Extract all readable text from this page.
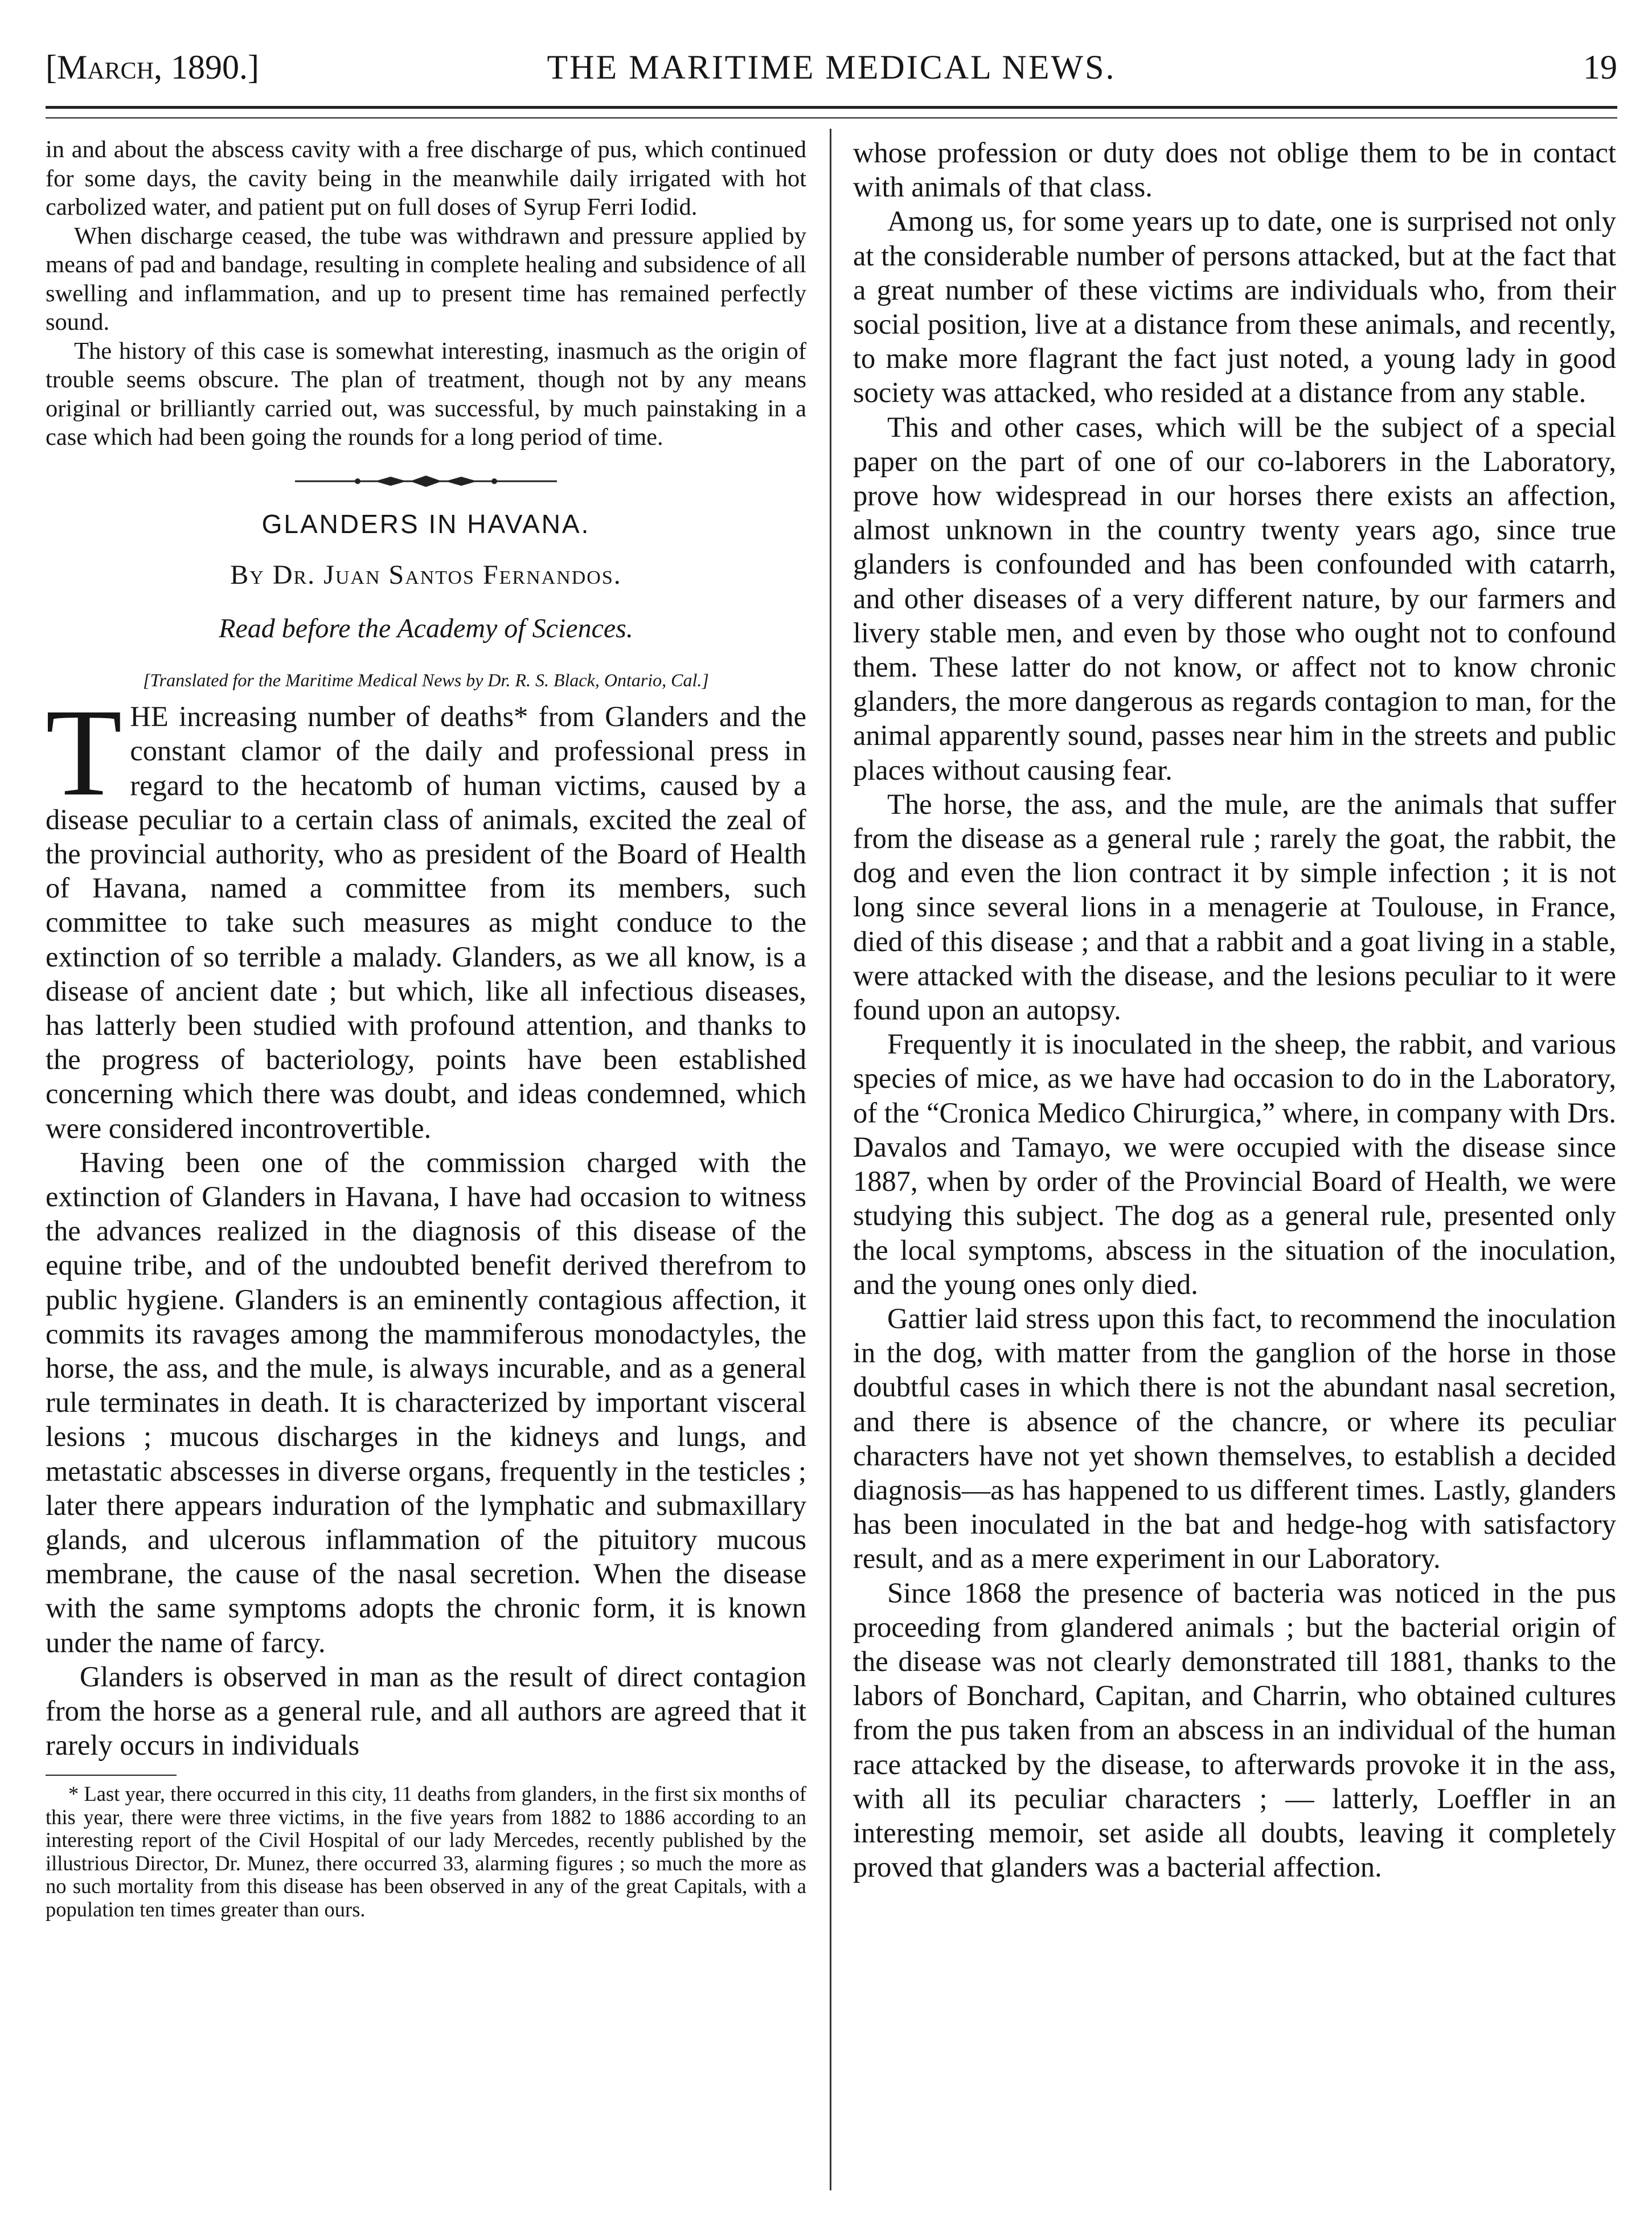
[March, 1890.]	THE MARITIME MEDICAL NEWS.	19

in and about the abscess cavity with a free discharge of pus, which continued for some days, the cavity being in the meanwhile daily irrigated with hot carbolized water, and patient put on full doses of Syrup Ferri Iodid.

When discharge ceased, the tube was withdrawn and pressure applied by means of pad and bandage, resulting in complete healing and subsidence of all swelling and inflammation, and up to present time has remained perfectly sound.

The history of this case is somewhat interesting, inasmuch as the origin of trouble seems obscure. The plan of treatment, though not by any means original or brilliantly carried out, was successful, by much painstaking in a case which had been going the rounds for a long period of time.

GLANDERS IN HAVANA.

By Dr. Juan Santos Fernandos.

Read before the Academy of Sciences.

[Translated for the Maritime Medical News by Dr. R. S. Black, Ontario, Cal.]

THE increasing number of deaths* from Glanders and the constant clamor of the daily and professional press in regard to the hecatomb of human victims, caused by a disease peculiar to a certain class of animals, excited the zeal of the provincial authority, who as president of the Board of Health of Havana, named a committee from its members, such committee to take such measures as might conduce to the extinction of so terrible a malady. Glanders, as we all know, is a disease of ancient date ; but which, like all infectious diseases, has latterly been studied with profound attention, and thanks to the progress of bacteriology, points have been established concerning which there was doubt, and ideas condemned, which were considered incontrovertible.

Having been one of the commission charged with the extinction of Glanders in Havana, I have had occasion to witness the advances realized in the diagnosis of this disease of the equine tribe, and of the undoubted benefit derived therefrom to public hygiene. Glanders is an eminently contagious affection, it commits its ravages among the mammiferous monodactyles, the horse, the ass, and the mule, is always incurable, and as a general rule terminates in death. It is characterized by important visceral lesions ; mucous discharges in the kidneys and lungs, and metastatic abscesses in diverse organs, frequently in the testicles ; later there appears induration of the lymphatic and submaxillary glands, and ulcerous inflammation of the pituitory mucous membrane, the cause of the nasal secretion. When the disease with the same symptoms adopts the chronic form, it is known under the name of farcy.

Glanders is observed in man as the result of direct contagion from the horse as a general rule, and all authors are agreed that it rarely occurs in individuals

* Last year, there occurred in this city, 11 deaths from glanders, in the first six months of this year, there were three victims, in the five years from 1882 to 1886 according to an interesting report of the Civil Hospital of our lady Mercedes, recently published by the illustrious Director, Dr. Munez, there occurred 33, alarming figures ; so much the more as no such mortality from this disease has been observed in any of the great Capitals, with a population ten times greater than ours.

whose profession or duty does not oblige them to be in contact with animals of that class.

Among us, for some years up to date, one is surprised not only at the considerable number of persons attacked, but at the fact that a great number of these victims are individuals who, from their social position, live at a distance from these animals, and recently, to make more flagrant the fact just noted, a young lady in good society was attacked, who resided at a distance from any stable.

This and other cases, which will be the subject of a special paper on the part of one of our co-laborers in the Laboratory, prove how widespread in our horses there exists an affection, almost unknown in the country twenty years ago, since true glanders is confounded and has been confounded with catarrh, and other diseases of a very different nature, by our farmers and livery stable men, and even by those who ought not to confound them. These latter do not know, or affect not to know chronic glanders, the more dangerous as regards contagion to man, for the animal apparently sound, passes near him in the streets and public places without causing fear.

The horse, the ass, and the mule, are the animals that suffer from the disease as a general rule ; rarely the goat, the rabbit, the dog and even the lion contract it by simple infection ; it is not long since several lions in a menagerie at Toulouse, in France, died of this disease ; and that a rabbit and a goat living in a stable, were attacked with the disease, and the lesions peculiar to it were found upon an autopsy.

Frequently it is inoculated in the sheep, the rabbit, and various species of mice, as we have had occasion to do in the Laboratory, of the “Cronica Medico Chirurgica,” where, in company with Drs. Davalos and Tamayo, we were occupied with the disease since 1887, when by order of the Provincial Board of Health, we were studying this subject. The dog as a general rule, presented only the local symptoms, abscess in the situation of the inoculation, and the young ones only died.

Gattier laid stress upon this fact, to recommend the inoculation in the dog, with matter from the ganglion of the horse in those doubtful cases in which there is not the abundant nasal secretion, and there is absence of the chancre, or where its peculiar characters have not yet shown themselves, to establish a decided diagnosis—as has happened to us different times. Lastly, glanders has been inoculated in the bat and hedge-hog with satisfactory result, and as a mere experiment in our Laboratory.

Since 1868 the presence of bacteria was noticed in the pus proceeding from glandered animals ; but the bacterial origin of the disease was not clearly demonstrated till 1881, thanks to the labors of Bonchard, Capitan, and Charrin, who obtained cultures from the pus taken from an abscess in an individual of the human race attacked by the disease, to afterwards provoke it in the ass, with all its peculiar characters ; — latterly, Loeffler in an interesting memoir, set aside all doubts, leaving it completely proved that glanders was a bacterial affection.
